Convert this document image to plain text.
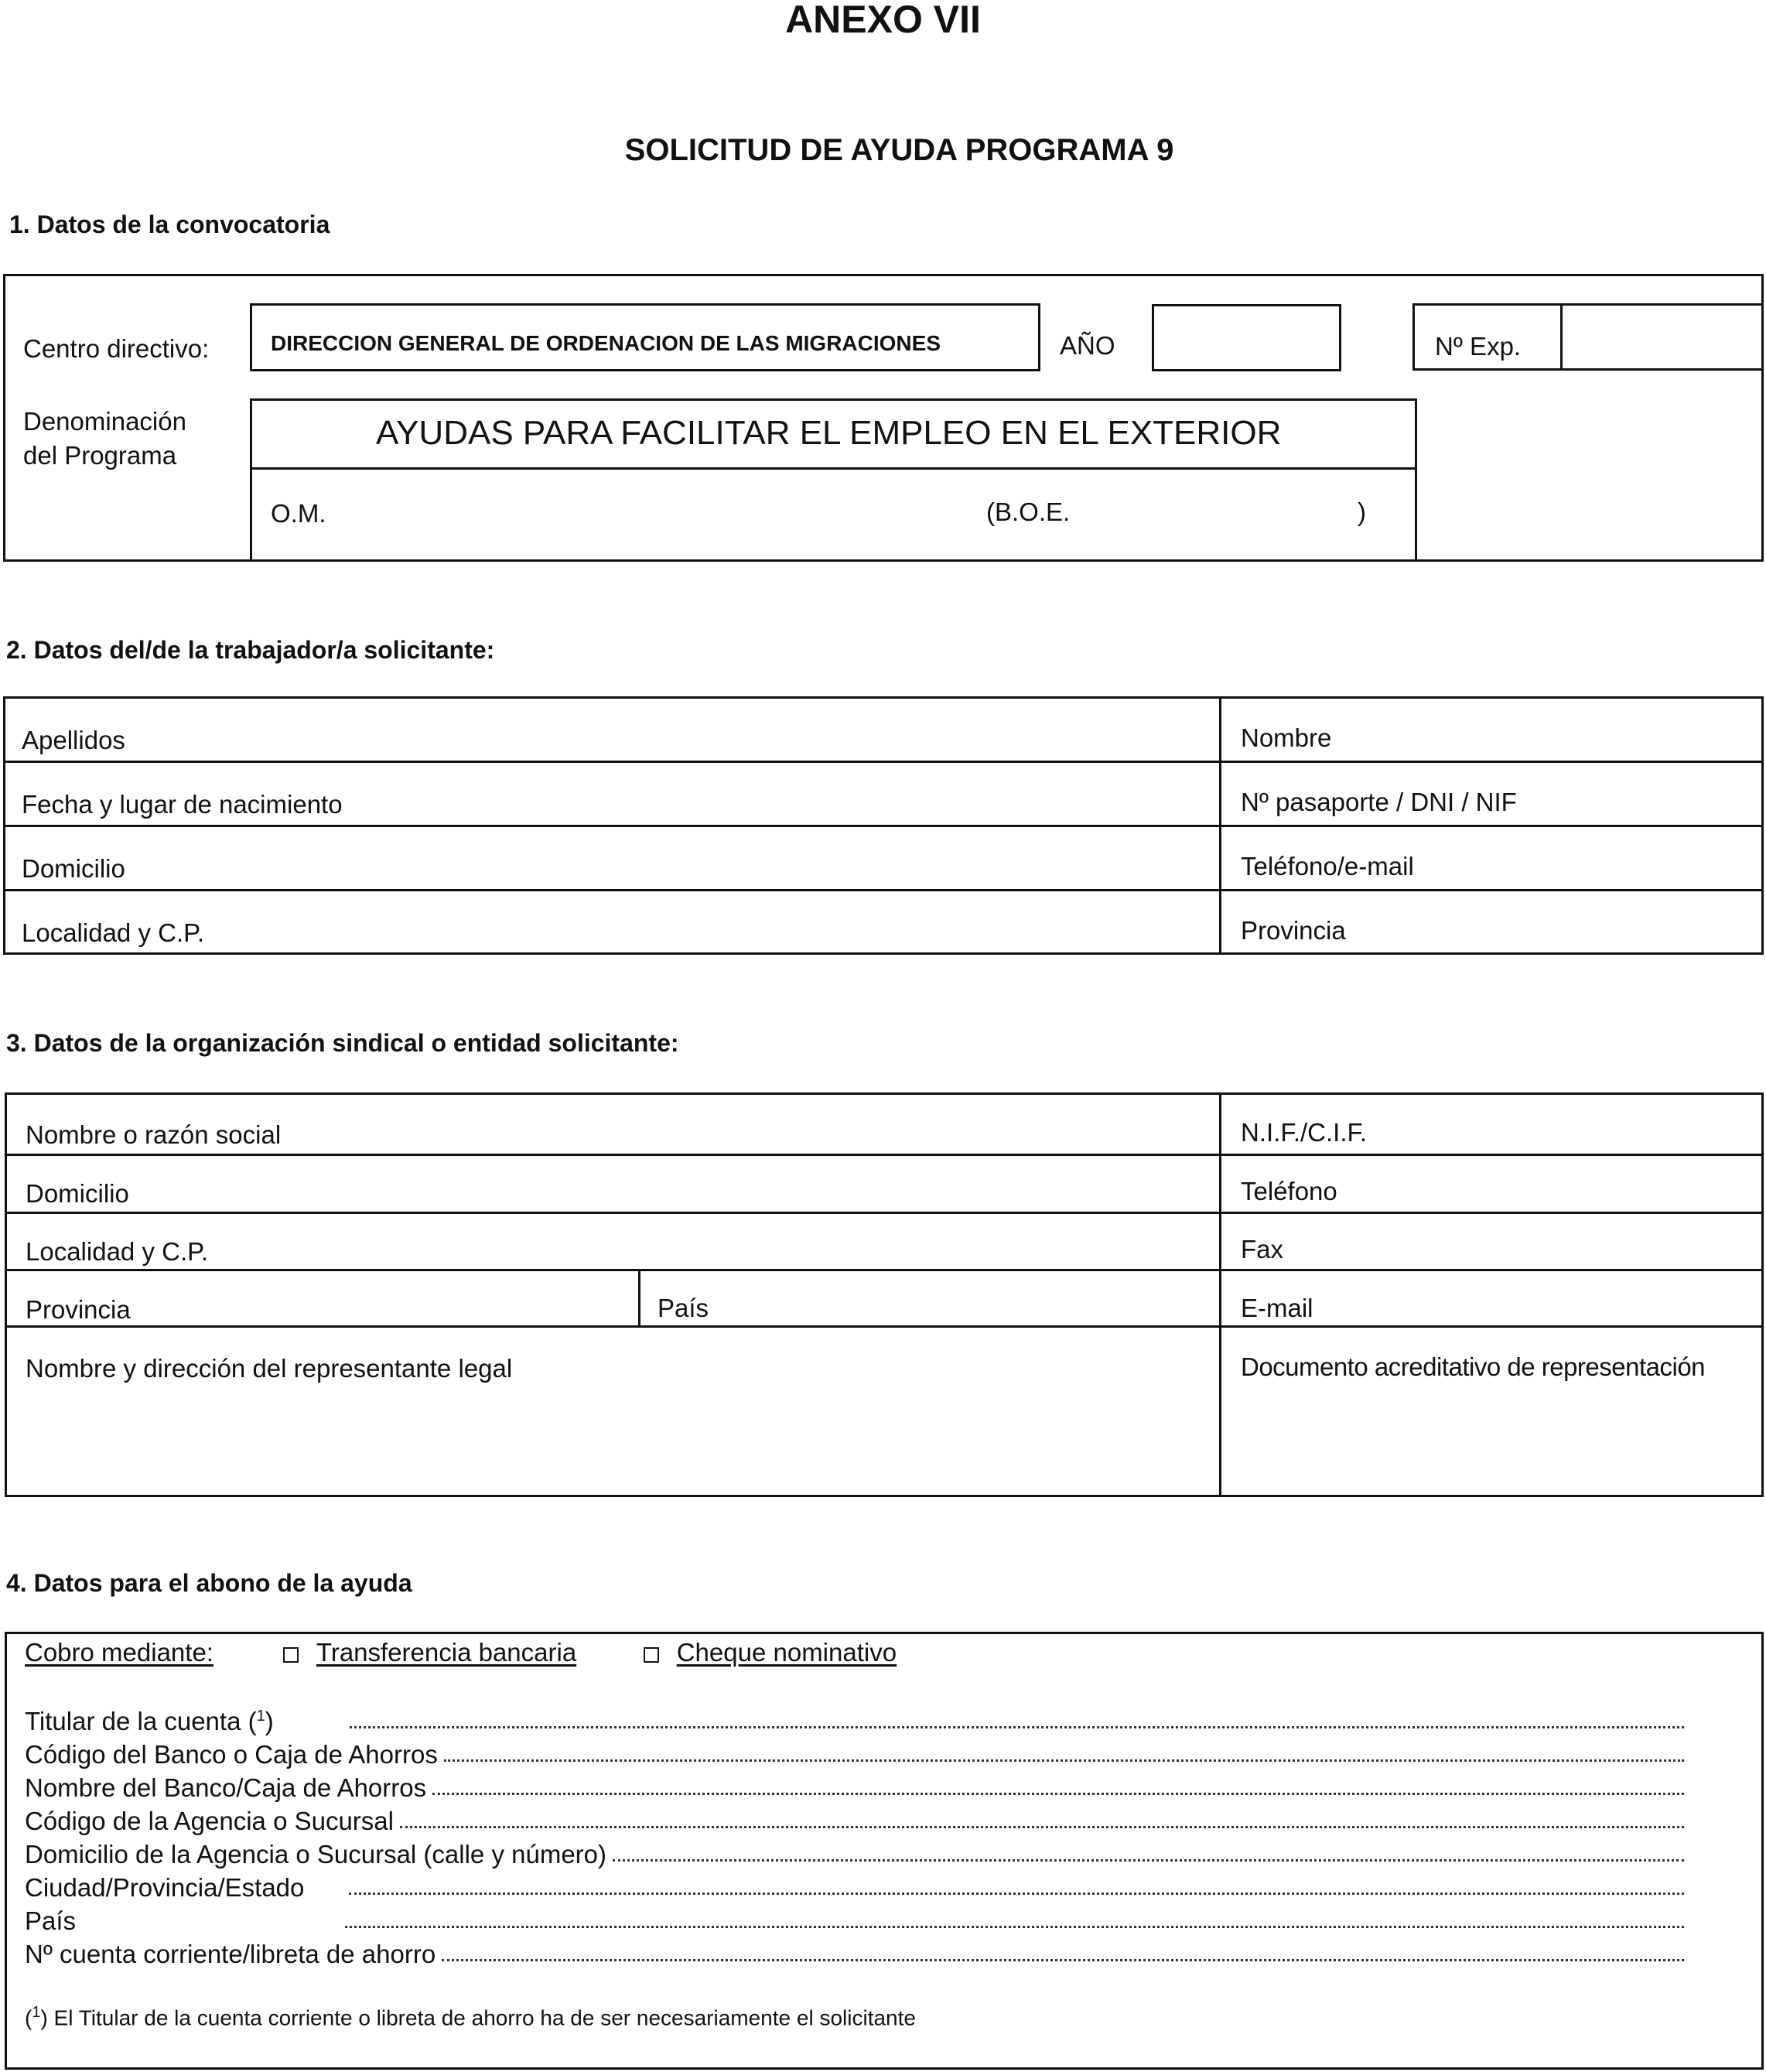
ANEXO VII
SOLICITUD DE AYUDA PROGRAMA 9
1. Datos de la convocatoria
Centro directivo:	DIRECCION GENERAL DE ORDENACION DE LAS MIGRACIONES	AÑO	Nº Exp.
Denominación
del Programa
AYUDAS PARA FACILITAR EL EMPLEO EN EL EXTERIOR
O.M.	(B.O.E.	)
2. Datos del/de la trabajador/a solicitante:
Apellidos	Nombre
Fecha y lugar de nacimiento	Nº pasaporte / DNI / NIF
Domicilio	Teléfono/e-mail
Localidad y C.P.	Provincia
3. Datos de la organización sindical o entidad solicitante:
Nombre o razón social	N.I.F./C.I.F.
Domicilio	Teléfono
Localidad y C.P.	Fax
Provincia	País	E-mail
Nombre y dirección del representante legal	Documento acreditativo de representación
4. Datos para el abono de la ayuda
Cobro mediante:	Transferencia bancaria	Cheque nominativo
Titular de la cuenta ($^1$)
Código del Banco o Caja de Ahorros
Nombre del Banco/Caja de Ahorros
Código de la Agencia o Sucursal
Domicilio de la Agencia o Sucursal (calle y número)
Ciudad/Provincia/Estado
País
Nº cuenta corriente/libreta de ahorro
($^1$) El Titular de la cuenta corriente o libreta de ahorro ha de ser necesariamente el solicitante
